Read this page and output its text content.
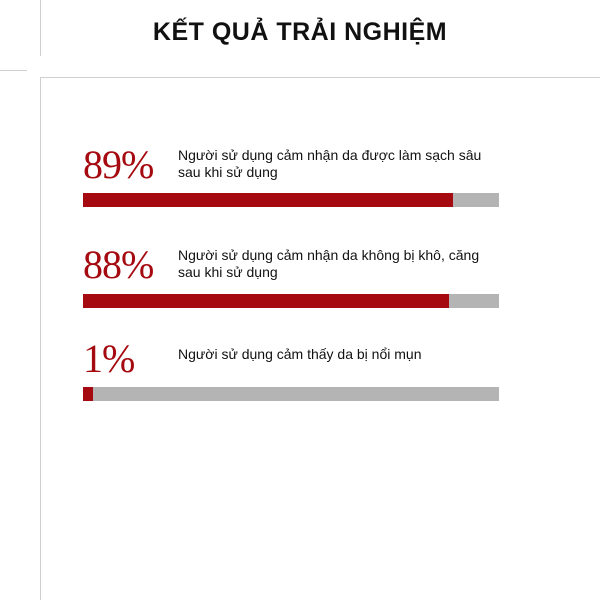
KẾT QUẢ TRẢI NGHIỆM
89% Người sử dụng cảm nhận da được làm sạch sâu
sau khi sử dụng
88% Người sử dụng cảm nhận da không bị khô, căng
sau khi sử dụng
1%	Người sử dụng cảm thấy da bị nổi mụn
